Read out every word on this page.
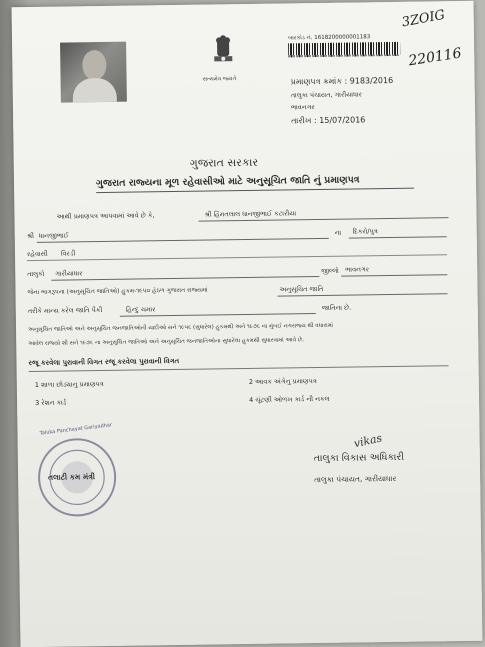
સત્યમેવ જયતે
બારકોડ નં. 1618200000001183
3ZOIG
220116
પ્રમાણપત્ર ક્રમાંક : 9183/2016
તાલુકા પંચાયત, ગારીયાધાર
ભાવનગર
તારીખ : 15/07/2016
ગુજરાત સરકાર
ગુજરાત રાજ્યના મૂળ રહેવાસીઓ માટે અનુસૂચિત જાતિ નું પ્રમાણપત્ર
આથી પ્રમાણપત્ર આપવામાં આવે છે કે,	શ્રી હિંમતલાલ ધાનજીભાઈ કટારીયા
શ્રી ધાનજીભાઈ	ના દિકરો/પુત્ર
રહેવાસી વિરડી
તાલુકો ગારીયાધાર	જીલ્લો ભાવનગર
જેના ભાગરૂપના (અનુસૂચિત જાતિઓ) હુકમ-૧૯૫૦ હેઠળ ગુજરાત રાજ્યમાં	અનુસૂચિત જાતિ
તરીકે માન્ય કરેલ જાતિ પૈકી	હિન્દુ ચમાર	જાતિના છે.
અનુસૂચિત જાતિઓ અને અનુસૂચિત જનજાતિઓની યાદીઓ સને ૧૯૫૬ (સુધારેલ) હુકમથી અને ૧૯૭૬ ના મુંબઈ નગરાજ્ય થી વધારામાં
આવેલ રાજ્યો શી સને ૧૯૭૬ ના અનુસૂચિત જાતિઓ અને અનુસૂચિત જનજાતિઓના સુધારેલા હુકમથી સુધારવામાં આવે છે.
રજૂ કરવેલા પુરાવાની વિગત રજૂ કરવેલા પુરાવાની વિગત
1 શાળા છોડ્યાનુ પ્રમાણપત્ર	2 આવક અંગેનુ પ્રમાણપત્ર
3 રેશન કાર્ડ	4 ચૂંટણી ઓળખ કાર્ડ ની નકલ
Taluka Panchayat Gariyadhar
તલાટી કમ મંત્રી
vikas
તાલુકા વિકાસ અધિકારી
તાલુકા પંચાયત, ગારીયાધાર
